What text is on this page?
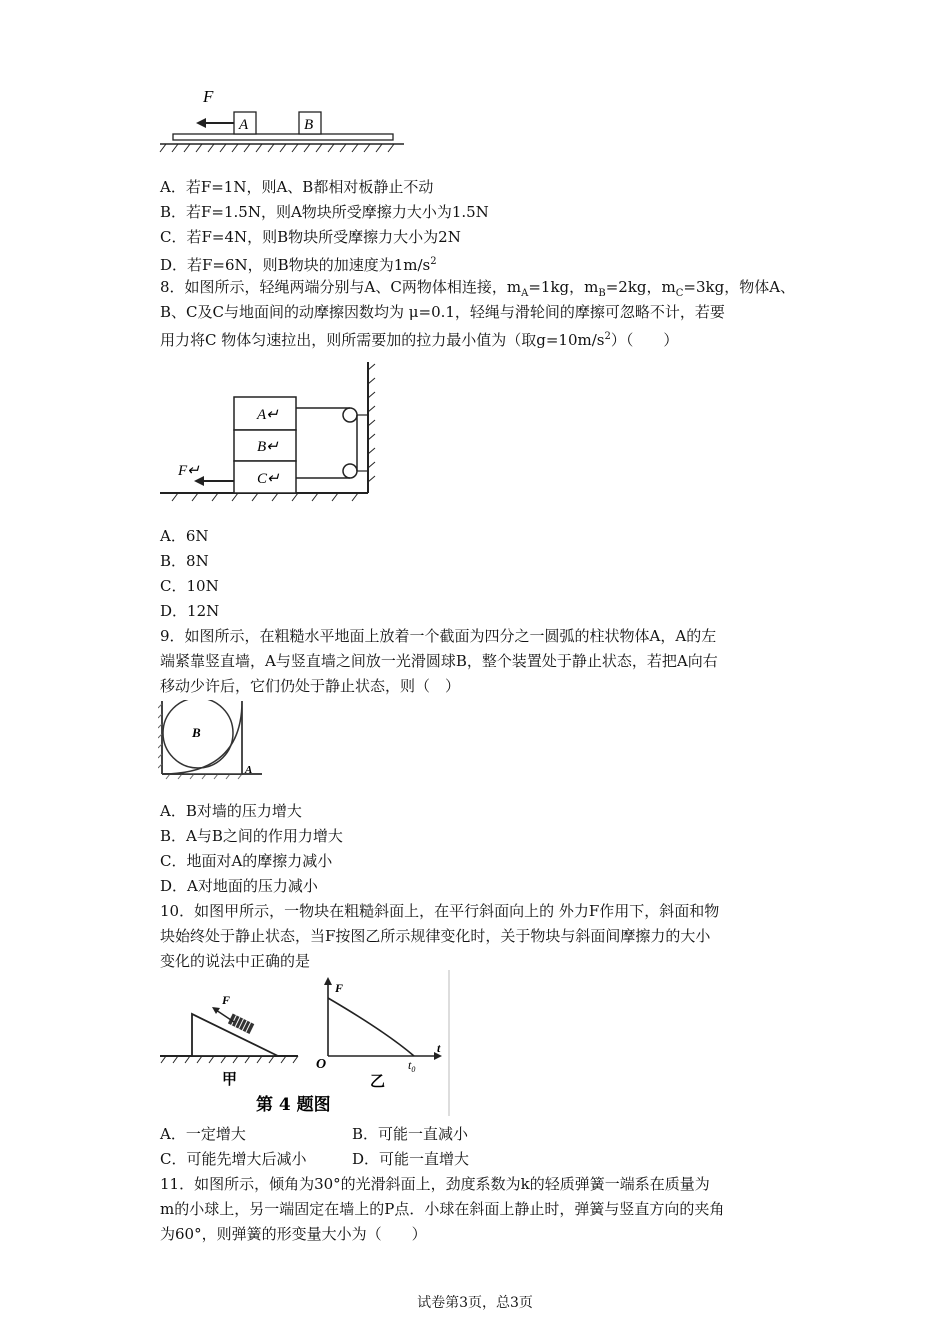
F
A	B
A．若F=1N，则A、B都相对板静止不动
B．若F=1.5N，则A物块所受摩擦力大小为1.5N
C．若F=4N，则B物块所受摩擦力大小为2N
D．若F=6N，则B物块的加速度为$1m/s^2$
8．如图所示，轻绳两端分别与A、C两物体相连接，$m_A=1kg$，$m_B=2kg$，$m_C=3kg$，物体A、
B、C及C与地面间的动摩擦因数均为 μ=0.1，轻绳与滑轮间的摩擦可忽略不计，若要
用力将C 物体匀速拉出，则所需要加的拉力最小值为（取$g=10m/s^2$）（　　）
A↵
B↵
C↵
F↵
A．6N
B．8N
C．10N
D．12N
9．如图所示，在粗糙水平地面上放着一个截面为四分之一圆弧的柱状物体A，A的左
端紧靠竖直墙，A与竖直墙之间放一光滑圆球B，整个装置处于静止状态，若把A向右
移动少许后，它们仍处于静止状态，则（　）
B
A
A．B对墙的压力增大
B．A与B之间的作用力增大
C．地面对A的摩擦力减小
D．A对地面的压力减小
10．如图甲所示，一物块在粗糙斜面上，在平行斜面向上的 外力F作用下，斜面和物
块始终处于静止状态，当F按图乙所示规律变化时，关于物块与斜面间摩擦力的大小
变化的说法中正确的是
F
甲
F
O
t
$t_0$
乙
第 4 题图
A．一定增大	B．可能一直减小
C．可能先增大后减小	D．可能一直增大
11．如图所示，倾角为30°的光滑斜面上，劲度系数为k的轻质弹簧一端系在质量为
m的小球上，另一端固定在墙上的P点．小球在斜面上静止时，弹簧与竖直方向的夹角
为60°，则弹簧的形变量大小为（　　）
试卷第3页，总3页
